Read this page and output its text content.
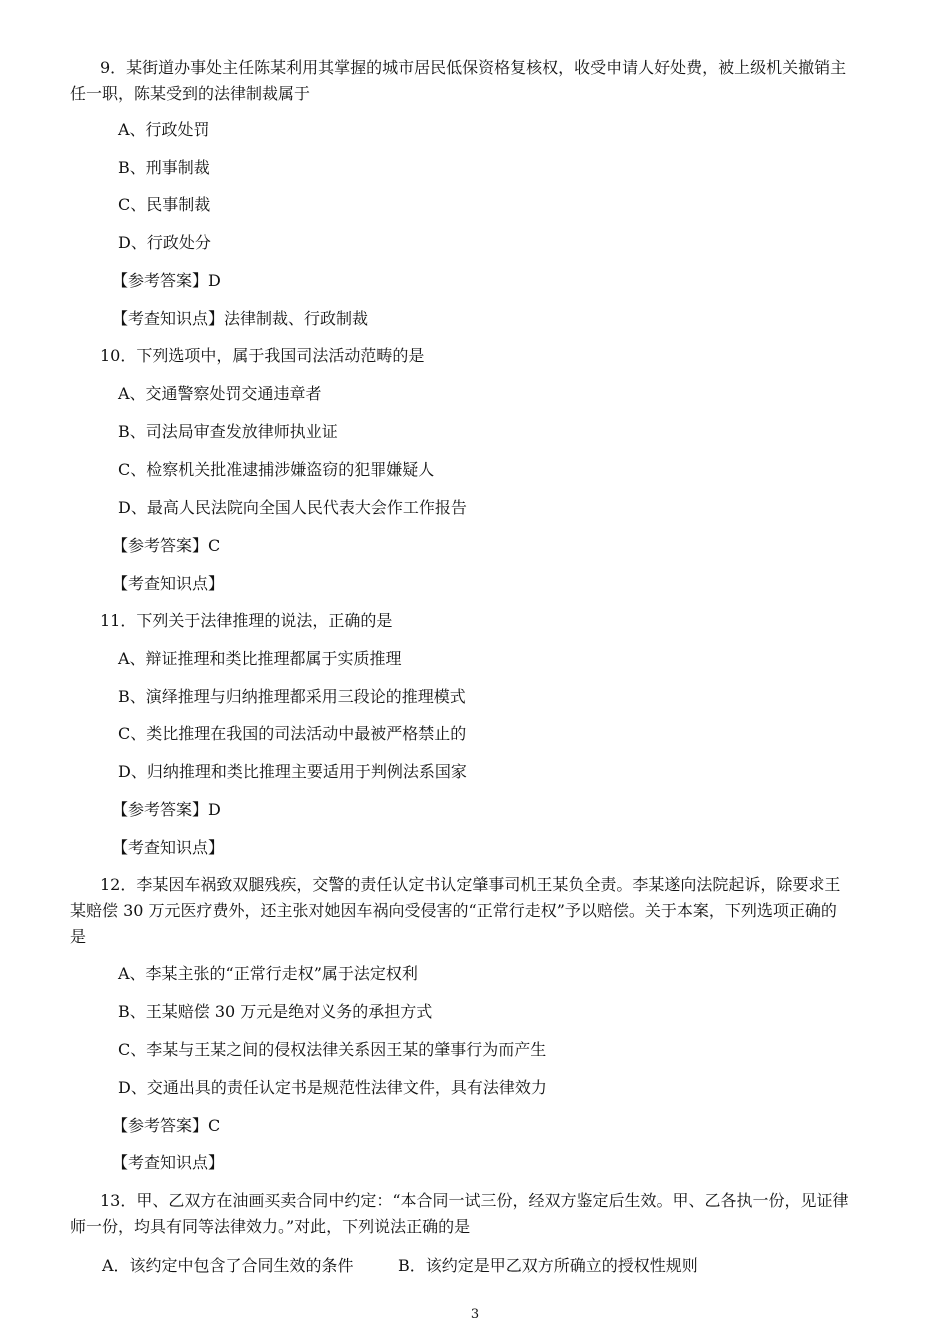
9．某街道办事处主任陈某利用其掌握的城市居民低保资格复核权，收受申请人好处费，被上级机关撤销主
任一职，陈某受到的法律制裁属于
A、行政处罚
B、刑事制裁
C、民事制裁
D、行政处分
【参考答案】D
【考查知识点】法律制裁、行政制裁
10．下列选项中，属于我国司法活动范畴的是
A、交通警察处罚交通违章者
B、司法局审查发放律师执业证
C、检察机关批准逮捕涉嫌盗窃的犯罪嫌疑人
D、最高人民法院向全国人民代表大会作工作报告
【参考答案】C
【考查知识点】
11．下列关于法律推理的说法，正确的是
A、辩证推理和类比推理都属于实质推理
B、演绎推理与归纳推理都采用三段论的推理模式
C、类比推理在我国的司法活动中最被严格禁止的
D、归纳推理和类比推理主要适用于判例法系国家
【参考答案】D
【考查知识点】
12．李某因车祸致双腿残疾，交警的责任认定书认定肇事司机王某负全责。李某遂向法院起诉，除要求王
某赔偿 30 万元医疗费外，还主张对她因车祸向受侵害的“正常行走权”予以赔偿。关于本案，下列选项正确的
是
A、李某主张的“正常行走权”属于法定权利
B、王某赔偿 30 万元是绝对义务的承担方式
C、李某与王某之间的侵权法律关系因王某的肇事行为而产生
D、交通出具的责任认定书是规范性法律文件，具有法律效力
【参考答案】C
【考查知识点】
13．甲、乙双方在油画买卖合同中约定：“本合同一试三份，经双方鉴定后生效。甲、乙各执一份，见证律
师一份，均具有同等法律效力。”对此，下列说法正确的是
A．该约定中包含了合同生效的条件	B．该约定是甲乙双方所确立的授权性规则
3
